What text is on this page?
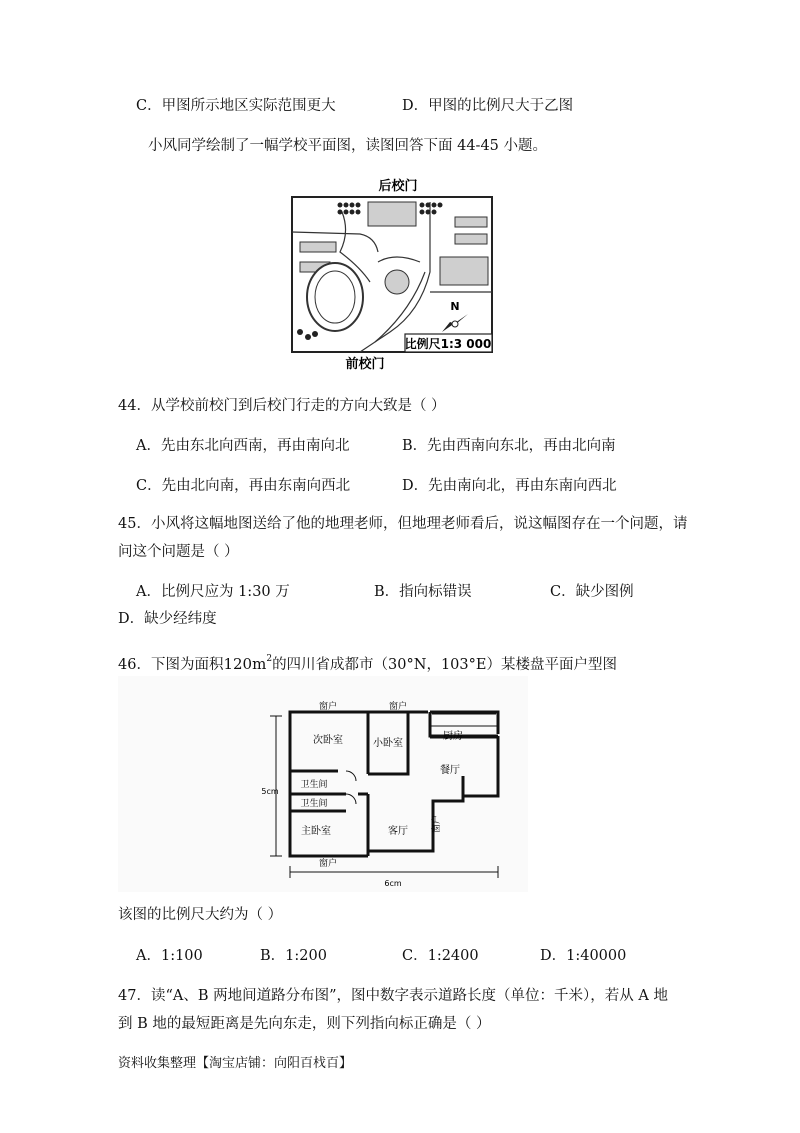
C．甲图所示地区实际范围更大	D．甲图的比例尺大于乙图
小风同学绘制了一幅学校平面图，读图回答下面 44-45 小题。
后校门
N
比例尺1:3 000
前校门
44．从学校前校门到后校门行走的方向大致是（ ）
A．先由东北向西南，再由南向北	B．先由西南向东北，再由北向南
C．先由北向南，再由东南向西北	D．先由南向北，再由东南向西北
45．小风将这幅地图送给了他的地理老师，但地理老师看后，说这幅图存在一个问题，请
问这个问题是（ ）
A．比例尺应为 1:30 万	B．指向标错误	C．缺少图例
D．缺少经纬度
46．下图为面积$120m^2$的四川省成都市（30°N，103°E）某楼盘平面户型图
窗户	窗户
次卧室	小卧室
厨房
餐厅
卫生间
卫生间
主卧室	客厅
窗户
窗户
5cm
6cm
该图的比例尺大约为（ ）
A．1:100	B．1:200	C．1:2400	D．1:40000
47．读“A、B 两地间道路分布图”，图中数字表示道路长度（单位：千米），若从 A 地
到 B 地的最短距离是先向东走，则下列指向标正确是（ ）
资料收集整理【淘宝店铺：向阳百𣏾百】
